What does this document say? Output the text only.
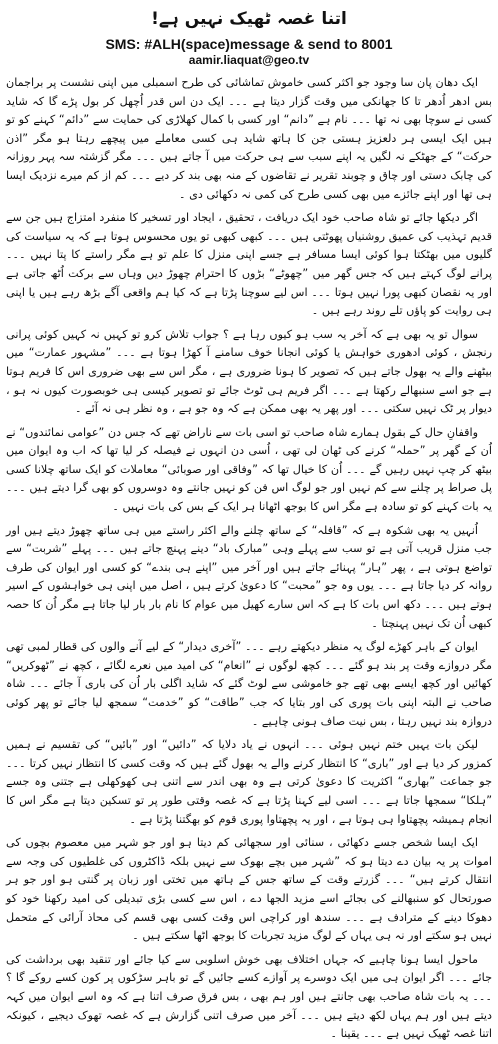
اتنا غصہ ٹھیک نہیں ہے!
SMS: #ALH(space)message & send to 8001
aamir.liaquat@geo.tv

ایک دھان پان سا وجود جو اکثر کسی خاموش تماشائی کی طرح اسمبلی میں اپنی نشست پر براجمان بس ادھر اُدھر تا کا جھانکی میں وقت گزار دیتا ہے ۔۔۔ ایک دن اس قدر اُچھل کر بول پڑے گا کہ شاید کسی نے سوچا بھی نہ تھا ۔۔۔ نام ہے ”دانم“ اور کسی با کمال کھلاڑی کی حمایت سے ”دائم“ کہنے کو تو ہیں ایک ایسی ہر دلعزیز ہستی جن کا ہاتھ شاید ہی کسی معاملے میں پیچھے رہتا ہو مگر ”اذن حرکت“ کے جھٹکے نہ لگیں یہ اپنے سبب سے ہی حرکت میں آ جاتے ہیں ۔۔۔ مگر گزشتہ سہ پہر روزانہ کی چابک دستی اور چاق و چوبند تقریر نے تقاضوں کے منہ بھی بند کر دیے ۔۔۔ کم از کم میرے نزدیک ایسا ہی تھا اور اپنے جائزے میں بھی کسی طرح کی کمی نہ دکھائی دی ۔

اگر دیکھا جائے تو شاہ صاحب خود ایک دریافت ، تحقیق ، ایجاد اور تسخیر کا منفرد امتزاج ہیں جن سے قدیم تہذیب کی عمیق روشنیاں پھوٹتی ہیں ۔۔۔ کبھی کبھی تو یوں محسوس ہوتا ہے کہ یہ سیاست کی گلیوں میں بھٹکتا ہوا کوئی ایسا مسافر ہے جسے اپنی منزل کا علم تو ہے مگر راستے کا پتا نہیں ۔۔۔ پرانے لوگ کہتے ہیں کہ جس گھر میں ”چھوٹے“ بڑوں کا احترام چھوڑ دیں وہاں سے برکت اُٹھ جاتی ہے اور یہ نقصان کبھی پورا نہیں ہوتا ۔۔۔ اس لیے سوچنا پڑتا ہے کہ کیا ہم واقعی آگے بڑھ رہے ہیں یا اپنی ہی روایت کو پاؤں تلے روند رہے ہیں ۔

سوال تو یہ بھی ہے کہ آخر یہ سب ہو کیوں رہا ہے ؟ جواب تلاش کرو تو کہیں نہ کہیں کوئی پرانی رنجش ، کوئی ادھوری خواہش یا کوئی انجانا خوف سامنے آ کھڑا ہوتا ہے ۔۔۔ ”مشہور عمارت“ میں بیٹھنے والے یہ بھول جاتے ہیں کہ تصویر کا ہونا ضروری ہے ، مگر اس سے بھی ضروری اس کا فریم ہوتا ہے جو اسے سنبھالے رکھتا ہے ۔۔۔ اگر فریم ہی ٹوٹ جائے تو تصویر کیسی ہی خوبصورت کیوں نہ ہو ، دیوار پر ٹک نہیں سکتی ۔۔۔ اور پھر یہ بھی ممکن ہے کہ وہ جو ہے ، وہ نظر ہی نہ آئے ۔

واقفانِ حال کے بقول ہمارے شاہ صاحب تو اسی بات سے ناراض تھے کہ جس دن ”عوامی نمائندوں“ نے اُن کے گھر پر ”حملہ“ کرنے کی ٹھان لی تھی ، اُسی دن انہوں نے فیصلہ کر لیا تھا کہ اب وہ ایوان میں بیٹھ کر چپ نہیں رہیں گے ۔۔۔ اُن کا خیال تھا کہ ”وفاقی اور صوبائی“ معاملات کو ایک ساتھ چلانا کسی پل صراط پر چلنے سے کم نہیں اور جو لوگ اس فن کو نہیں جانتے وہ دوسروں کو بھی گرا دیتے ہیں ۔۔۔ یہ بات کہنے کو تو سادہ ہے مگر اس کا بوجھ اٹھانا ہر ایک کے بس کی بات نہیں ۔

اُنہیں یہ بھی شکوہ ہے کہ ”قافلہ“ کے ساتھ چلنے والے اکثر راستے میں ہی ساتھ چھوڑ دیتے ہیں اور جب منزل قریب آتی ہے تو سب سے پہلے وہی ”مبارک باد“ دینے پہنچ جاتے ہیں ۔۔۔ پہلے ”شربت“ سے تواضع ہوتی ہے ، پھر ”ہار“ پہنائے جاتے ہیں اور آخر میں ”اپنے ہی بندے“ کو کسی اور ایوان کی طرف روانہ کر دیا جاتا ہے ۔۔۔ یوں وہ جو ”محبت“ کا دعویٰ کرتے ہیں ، اصل میں اپنی ہی خواہشوں کے اسیر ہوتے ہیں ۔۔۔ دکھ اس بات کا ہے کہ اس سارے کھیل میں عوام کا نام بار بار لیا جاتا ہے مگر اُن کا حصہ کبھی اُن تک نہیں پہنچتا ۔

ایوان کے باہر کھڑے لوگ یہ منظر دیکھتے رہے ۔۔۔ ”آخری دیدار“ کے لیے آنے والوں کی قطار لمبی تھی مگر دروازے وقت پر بند ہو گئے ۔۔۔ کچھ لوگوں نے ”انعام“ کی امید میں نعرے لگائے ، کچھ نے ”ٹھوکریں“ کھائیں اور کچھ ایسے بھی تھے جو خاموشی سے لوٹ گئے کہ شاید اگلی بار اُن کی باری آ جائے ۔۔۔ شاہ صاحب نے البتہ اپنی بات پوری کی اور بتایا کہ جب ”طاقت“ کو ”خدمت“ سمجھ لیا جائے تو پھر کوئی دروازہ بند نہیں رہتا ، بس نیت صاف ہونی چاہیے ۔

لیکن بات یہیں ختم نہیں ہوئی ۔۔۔ انہوں نے یاد دلایا کہ ”دائیں“ اور ”بائیں“ کی تقسیم نے ہمیں کمزور کر دیا ہے اور ”باری“ کا انتظار کرنے والے یہ بھول گئے ہیں کہ وقت کسی کا انتظار نہیں کرتا ۔۔۔ جو جماعت ”بھاری“ اکثریت کا دعویٰ کرتی ہے وہ بھی اندر سے اتنی ہی کھوکھلی ہے جتنی وہ جسے ”ہلکا“ سمجھا جاتا ہے ۔۔۔ اسی لیے کہنا پڑتا ہے کہ غصہ وقتی طور پر تو تسکین دیتا ہے مگر اس کا انجام ہمیشہ پچھتاوا ہی ہوتا ہے ، اور یہ پچھتاوا پوری قوم کو بھگتنا پڑتا ہے ۔

ایک ایسا شخص جسے دکھائی ، سنائی اور سجھائی کم دیتا ہو اور جو شہر میں معصوم بچوں کی اموات پر یہ بیان دے دیتا ہو کہ ”شہر میں بچے بھوک سے نہیں بلکہ ڈاکٹروں کی غلطیوں کی وجہ سے انتقال کرتے ہیں“ ۔۔۔ گزرتے وقت کے ساتھ جس کے ہاتھ میں تختی اور زبان پر گنتی ہو اور جو ہر صورتحال کو سنبھالنے کی بجائے اسے مزید الجھا دے ، اس سے کسی بڑی تبدیلی کی امید رکھنا خود کو دھوکا دینے کے مترادف ہے ۔۔۔ سندھ اور کراچی اس وقت کسی بھی قسم کی محاذ آرائی کے متحمل نہیں ہو سکتے اور نہ ہی یہاں کے لوگ مزید تجربات کا بوجھ اٹھا سکتے ہیں ۔

ماحول ایسا ہونا چاہیے کہ جہاں اختلاف بھی خوش اسلوبی سے کیا جائے اور تنقید بھی برداشت کی جائے ۔۔۔ اگر ایوان ہی میں ایک دوسرے پر آوازے کسے جائیں گے تو باہر سڑکوں پر کون کسے روکے گا ؟ ۔۔۔ یہ بات شاہ صاحب بھی جانتے ہیں اور ہم بھی ، بس فرق صرف اتنا ہے کہ وہ اسے ایوان میں کہہ دیتے ہیں اور ہم یہاں لکھ دیتے ہیں ۔۔۔ آخر میں صرف اتنی گزارش ہے کہ غصہ تھوک دیجیے ، کیونکہ اتنا غصہ ٹھیک نہیں ہے ۔۔۔ یقینا ۔
